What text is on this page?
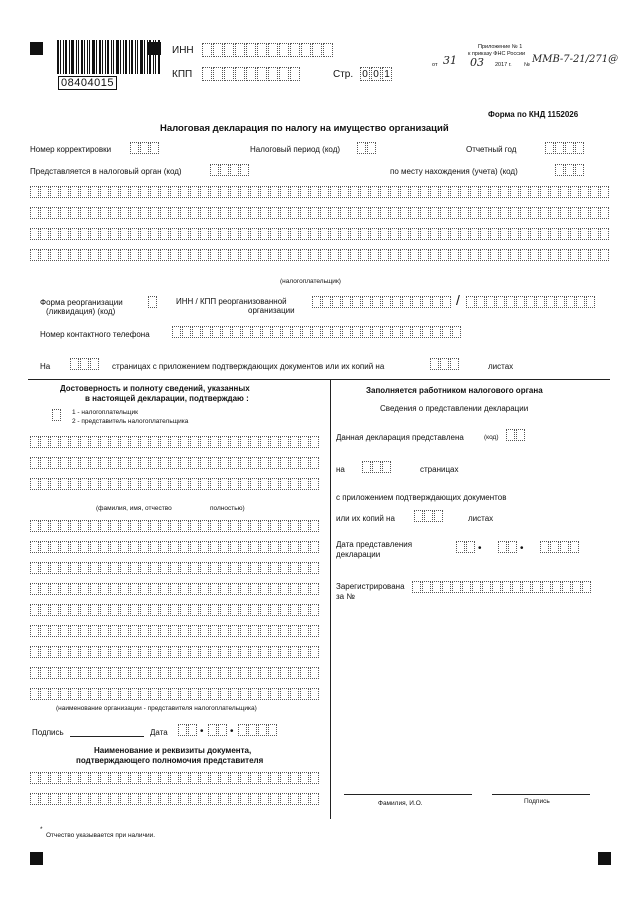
08404015
ИНН
КПП	Стр. 0 0 1
Приложение № 1
к приказу ФНС России
от 31 03 2017 г. № ММВ-7-21/271@
Форма по КНД 1152026
Налоговая декларация по налогу на имущество организаций
Номер корректировки	Налоговый период (код)	Отчетный год
Представляется в налоговый орган (код)	по месту нахождения (учета) (код)
(налогоплательщик)
Форма реорганизации
(ликвидация) (код)
ИНН / КПП реорганизованной
организации
/
Номер контактного телефона
На	страницах с приложением подтверждающих документов или их копий на	листах
Достоверность и полноту сведений, указанных
в настоящей декларации, подтверждаю :
1 - налогоплательщик
2 - представитель налогоплательщика
(фамилия, имя, отчество	полностью)
(наименование организации - представителя налогоплательщика)
Подпись	Дата	•	•
Наименование и реквизиты документа,
подтверждающего полномочия представителя
Заполняется работником налогового органа
Сведения о представлении декларации
Данная декларация представлена	(код)
на	страницах
с приложением подтверждающих документов
или их копий на	листах
Дата представления
декларации
•	•
Зарегистрирована
за №
Фамилия, И.О.	Подпись
*
Отчество указывается при наличии.
